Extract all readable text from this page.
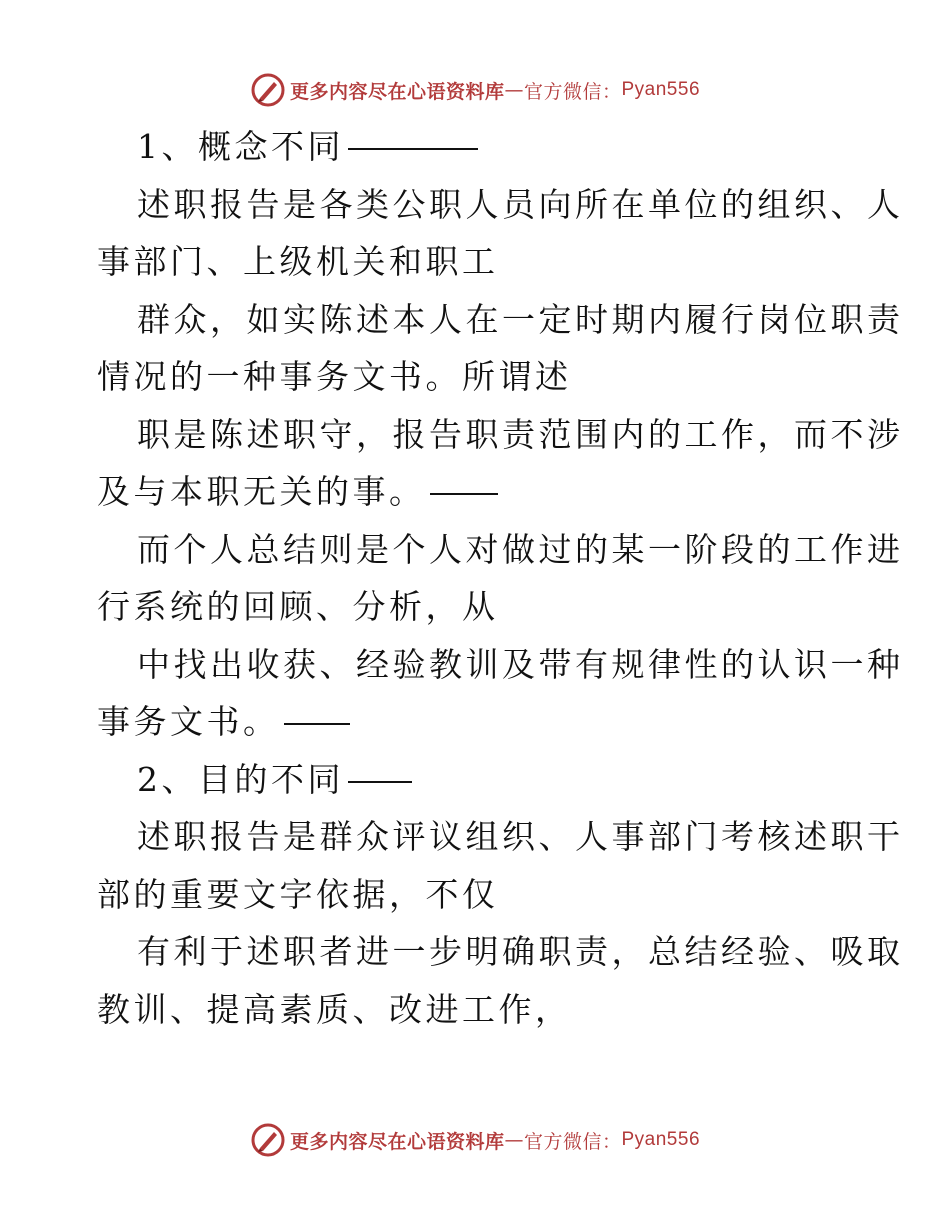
更多内容尽在心语资料库 — 官方微信： Pyan556
1、概念不同
述职报告是各类公职人员向所在单位的组织、人
事部门、上级机关和职工
群众，如实陈述本人在一定时期内履行岗位职责
情况的一种事务文书。所谓述
职是陈述职守，报告职责范围内的工作，而不涉
及与本职无关的事。
而个人总结则是个人对做过的某一阶段的工作进
行系统的回顾、分析，从
中找出收获、经验教训及带有规律性的认识一种
事务文书。
2、目的不同
述职报告是群众评议组织、人事部门考核述职干
部的重要文字依据，不仅
有利于述职者进一步明确职责，总结经验、吸取
教训、提高素质、改进工作，
更多内容尽在心语资料库 — 官方微信： Pyan556
